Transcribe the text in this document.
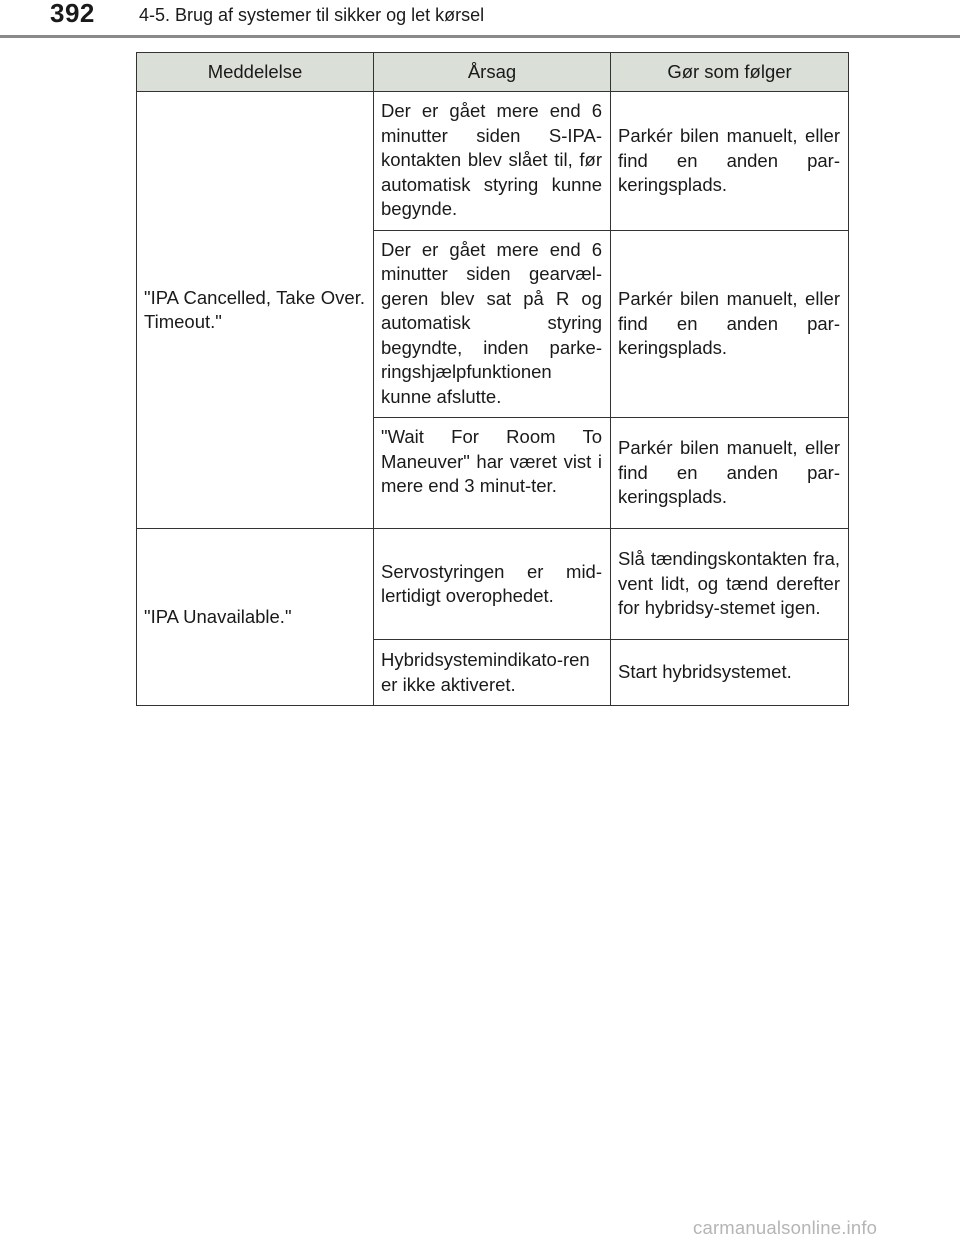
392 4-5. Brug af systemer til sikker og let kørsel
Meddelelse	Årsag	Gør som følger
"IPA Cancelled, Take Over. Timeout."	Der er gået mere end 6 minutter siden S-IPA-kontakten blev slået til, før automatisk styring kunne begynde.	Parkér bilen manuelt, eller find en anden par-keringsplads.
	Der er gået mere end 6 minutter siden gearvæl-geren blev sat på R og automatisk styring begyndte, inden parke-ringshjælpfunktionen kunne afslutte.	Parkér bilen manuelt, eller find en anden par-keringsplads.
	"Wait For Room To Maneuver" har været vist i mere end 3 minut-ter.	Parkér bilen manuelt, eller find en anden par-keringsplads.
"IPA Unavailable."	Servostyringen er mid-lertidigt overophedet.	Slå tændingskontakten fra, vent lidt, og tænd derefter for hybridsy-stemet igen.
	Hybridsystemindikato-ren er ikke aktiveret.	Start hybridsystemet.
carmanualsonline.info
